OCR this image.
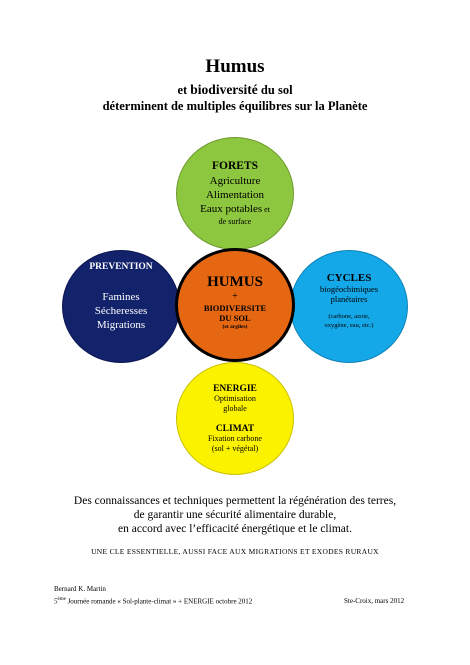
Humus
et biodiversité du sol
déterminent de multiples équilibres sur la Planète
FORETS
Agriculture
Alimentation
Eaux potables et
de surface
PREVENTION
Famines
Sécheresses
Migrations
CYCLES
biogéochimiques
planétaires
(carbone, azote,
oxygène, eau, etc.)
ENERGIE
Optimisation
globale
CLIMAT
Fixation carbone
(sol + végétal)
HUMUS
+
BIODIVERSITE
DU SOL
(et argiles)
Des connaissances et techniques permettent la régénération des terres,
de garantir une sécurité alimentaire durable,
en accord avec l’efficacité énergétique et le climat.
UNE CLE ESSENTIELLE, AUSSI FACE AUX MIGRATIONS ET EXODES RURAUX
Bernard K. Martin
5ème Journée romande « Sol-plante-climat » + ENERGIE octobre 2012	Ste-Croix, mars 2012
